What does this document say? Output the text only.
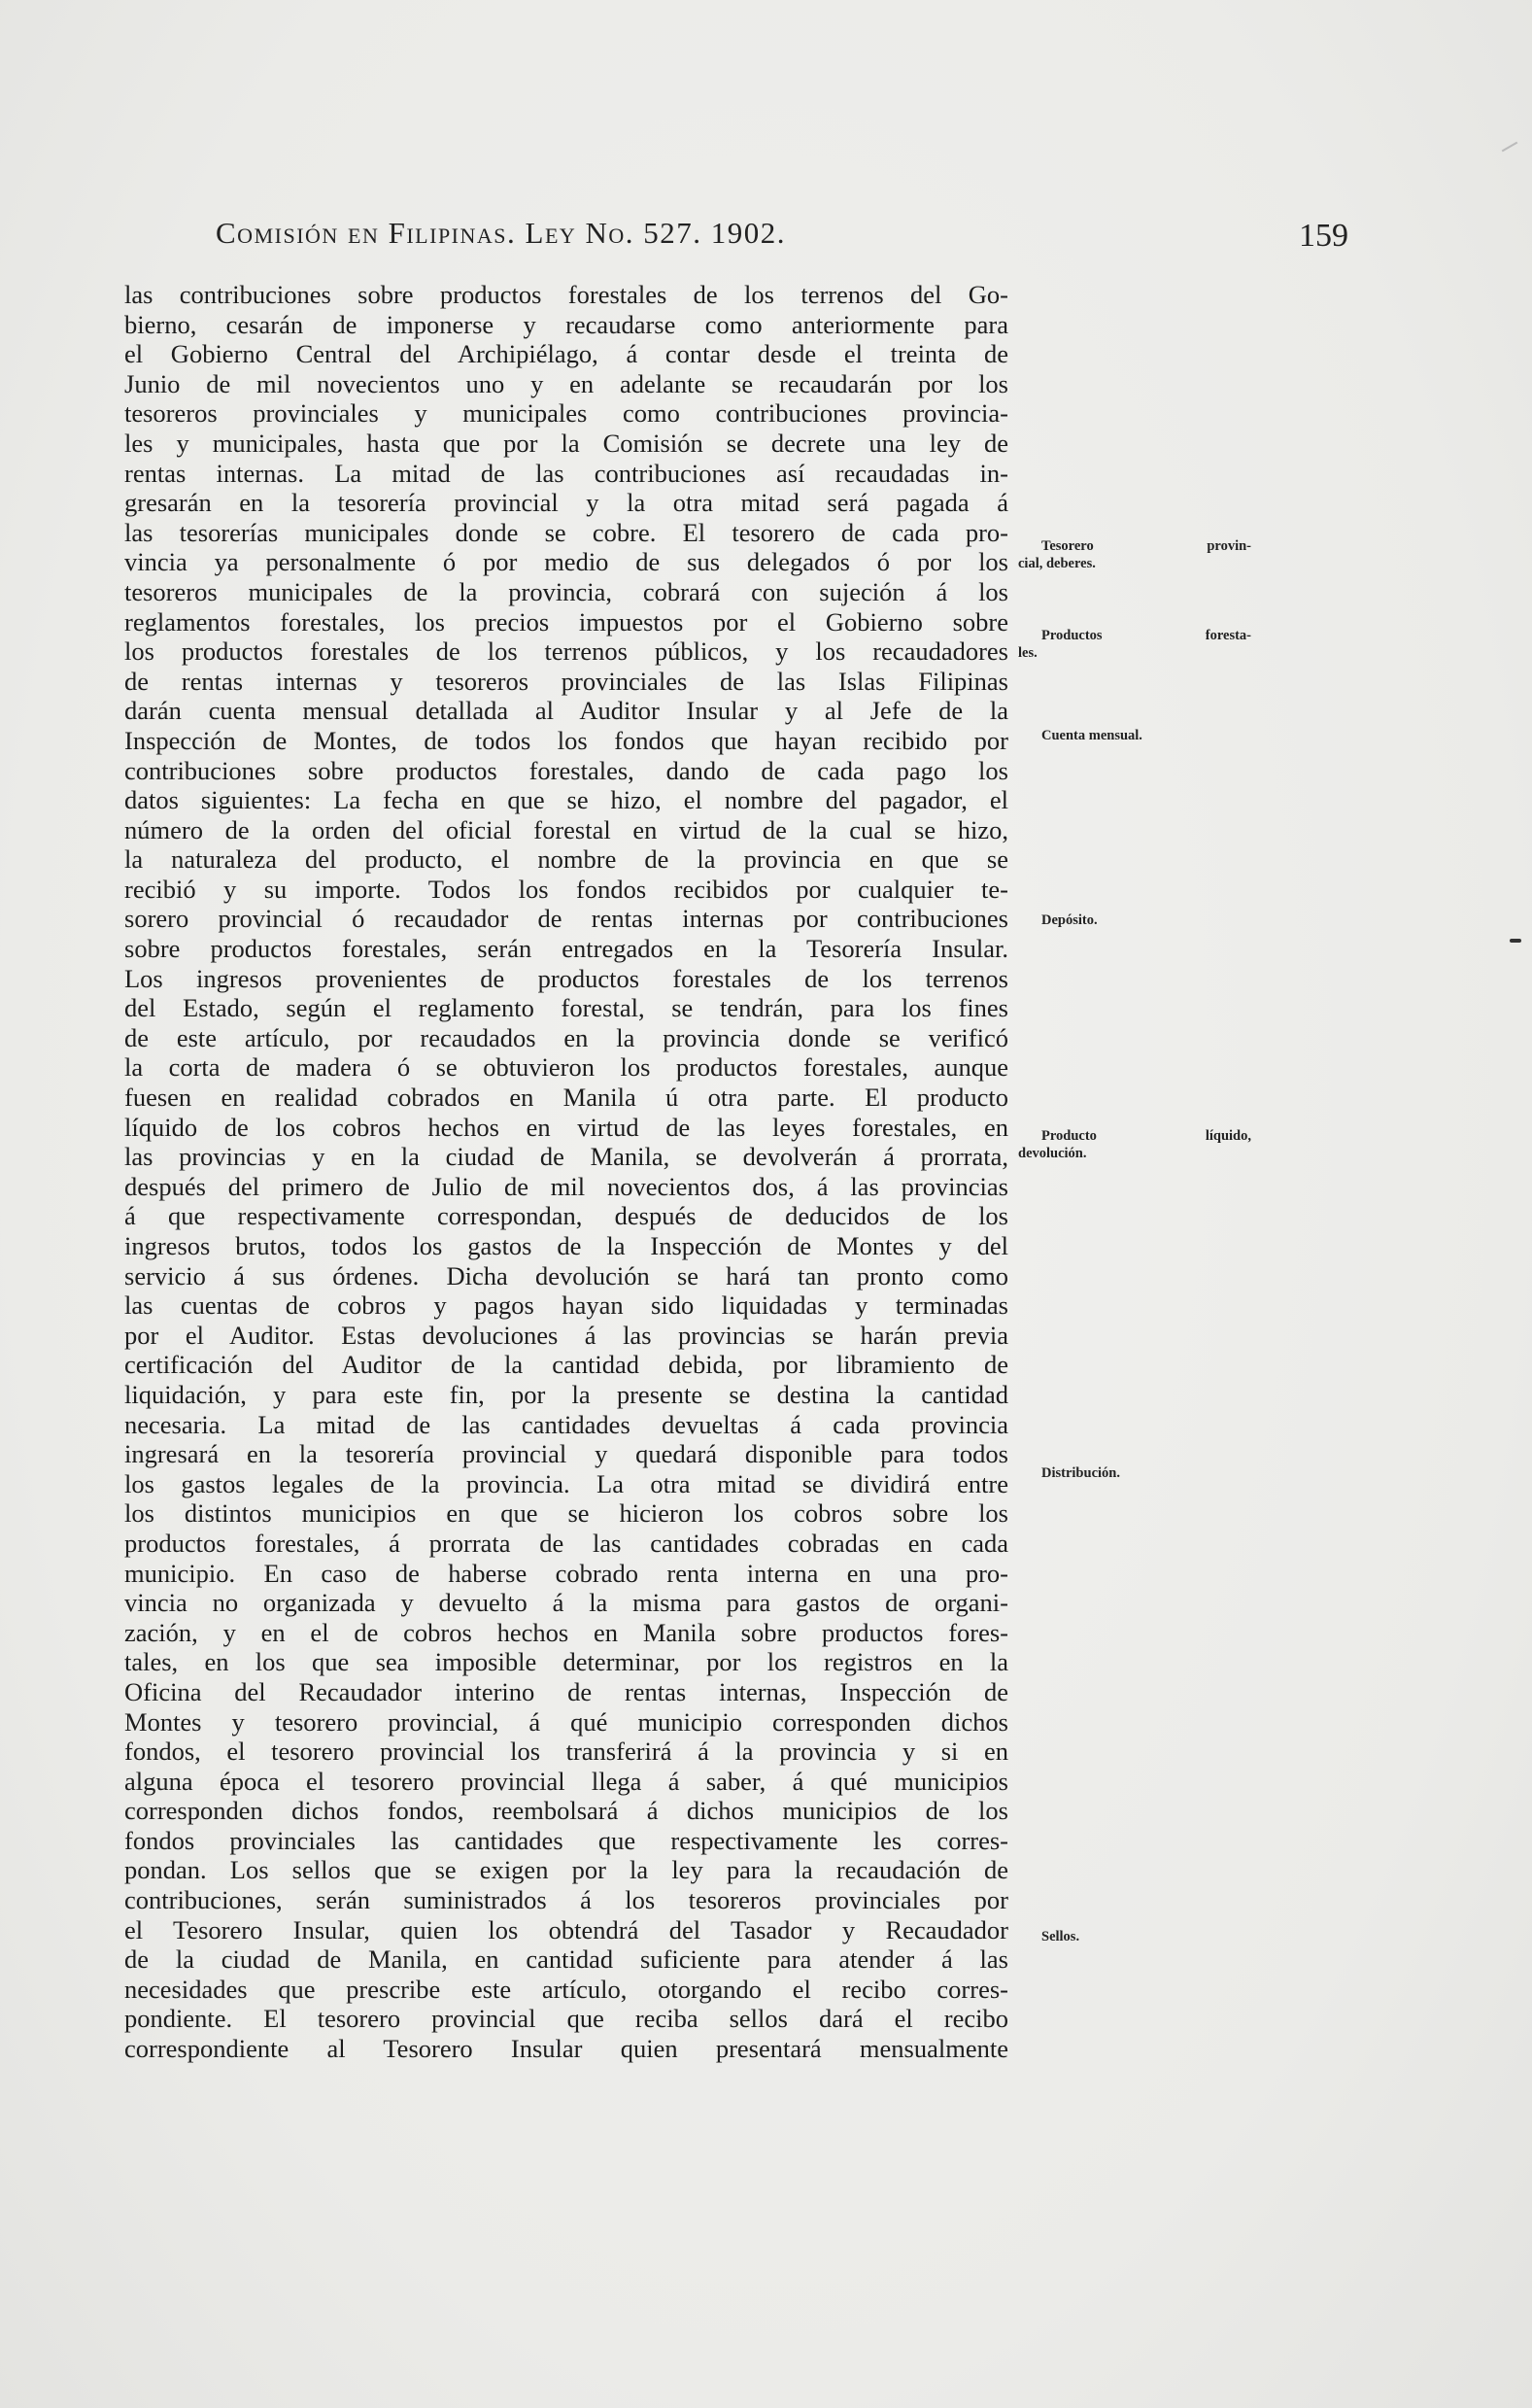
Comisión en Filipinas. Ley No. 527. 1902.	159
las contribuciones sobre productos forestales de los terrenos del Go-
bierno, cesarán de imponerse y recaudarse como anteriormente para
el Gobierno Central del Archipiélago, á contar desde el treinta de
Junio de mil novecientos uno y en adelante se recaudarán por los
tesoreros provinciales y municipales como contribuciones provincia-
les y municipales, hasta que por la Comisión se decrete una ley de
rentas internas. La mitad de las contribuciones así recaudadas in-
gresarán en la tesorería provincial y la otra mitad será pagada á
las tesorerías municipales donde se cobre. El tesorero de cada pro-
vincia ya personalmente ó por medio de sus delegados ó por los
tesoreros municipales de la provincia, cobrará con sujeción á los
reglamentos forestales, los precios impuestos por el Gobierno sobre
los productos forestales de los terrenos públicos, y los recaudadores
de rentas internas y tesoreros provinciales de las Islas Filipinas
darán cuenta mensual detallada al Auditor Insular y al Jefe de la
Inspección de Montes, de todos los fondos que hayan recibido por
contribuciones sobre productos forestales, dando de cada pago los
datos siguientes: La fecha en que se hizo, el nombre del pagador, el
número de la orden del oficial forestal en virtud de la cual se hizo,
la naturaleza del producto, el nombre de la provincia en que se
recibió y su importe. Todos los fondos recibidos por cualquier te-
sorero provincial ó recaudador de rentas internas por contribuciones
sobre productos forestales, serán entregados en la Tesorería Insular.
Los ingresos provenientes de productos forestales de los terrenos
del Estado, según el reglamento forestal, se tendrán, para los fines
de este artículo, por recaudados en la provincia donde se verificó
la corta de madera ó se obtuvieron los productos forestales, aunque
fuesen en realidad cobrados en Manila ú otra parte. El producto
líquido de los cobros hechos en virtud de las leyes forestales, en
las provincias y en la ciudad de Manila, se devolverán á prorrata,
después del primero de Julio de mil novecientos dos, á las provincias
á que respectivamente correspondan, después de deducidos de los
ingresos brutos, todos los gastos de la Inspección de Montes y del
servicio á sus órdenes. Dicha devolución se hará tan pronto como
las cuentas de cobros y pagos hayan sido liquidadas y terminadas
por el Auditor. Estas devoluciones á las provincias se harán previa
certificación del Auditor de la cantidad debida, por libramiento de
liquidación, y para este fin, por la presente se destina la cantidad
necesaria. La mitad de las cantidades devueltas á cada provincia
ingresará en la tesorería provincial y quedará disponible para todos
los gastos legales de la provincia. La otra mitad se dividirá entre
los distintos municipios en que se hicieron los cobros sobre los
productos forestales, á prorrata de las cantidades cobradas en cada
municipio. En caso de haberse cobrado renta interna en una pro-
vincia no organizada y devuelto á la misma para gastos de organi-
zación, y en el de cobros hechos en Manila sobre productos fores-
tales, en los que sea imposible determinar, por los registros en la
Oficina del Recaudador interino de rentas internas, Inspección de
Montes y tesorero provincial, á qué municipio corresponden dichos
fondos, el tesorero provincial los transferirá á la provincia y si en
alguna época el tesorero provincial llega á saber, á qué municipios
corresponden dichos fondos, reembolsará á dichos municipios de los
fondos provinciales las cantidades que respectivamente les corres-
pondan. Los sellos que se exigen por la ley para la recaudación de
contribuciones, serán suministrados á los tesoreros provinciales por
el Tesorero Insular, quien los obtendrá del Tasador y Recaudador
de la ciudad de Manila, en cantidad suficiente para atender á las
necesidades que prescribe este artículo, otorgando el recibo corres-
pondiente. El tesorero provincial que reciba sellos dará el recibo
correspondiente al Tesorero Insular quien presentará mensualmente
Tesorero provin-
cial, deberes.
Productos foresta-
les.
Cuenta mensual.
Depósito.
Producto líquido,
devolución.
Distribución.
Sellos.
